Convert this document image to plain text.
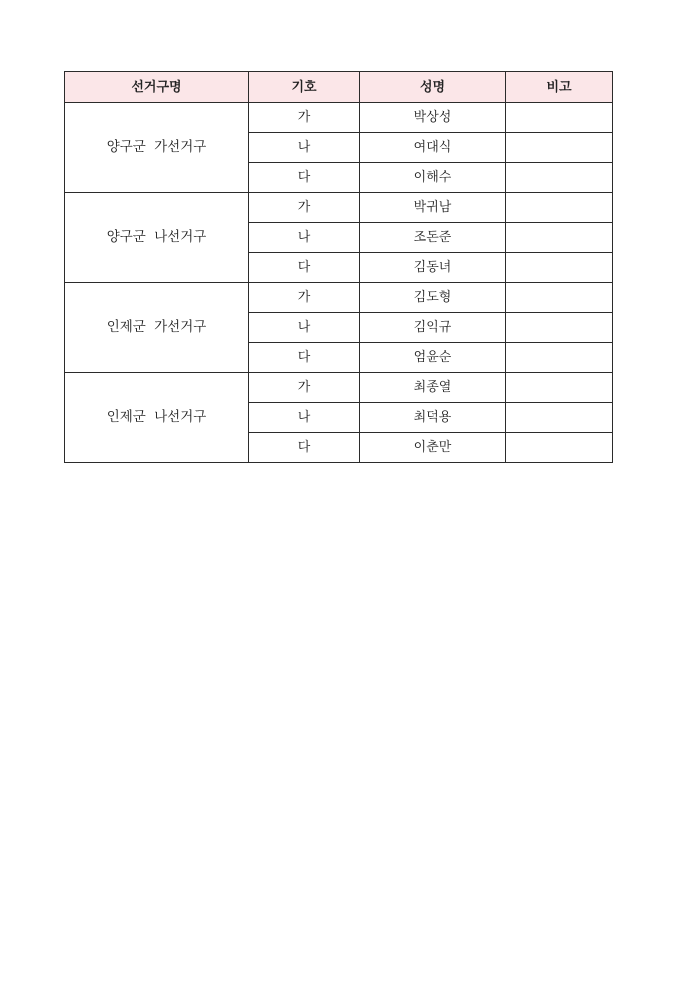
선거구명	기호	성명	비고
양구군 가선거구	가	박상성	
	나	여대식	
	다	이해수	
양구군 나선거구	가	박귀남	
	나	조돈준	
	다	김동녀	
인제군 가선거구	가	김도형	
	나	김익규	
	다	엄윤순	
인제군 나선거구	가	최종열	
	나	최덕용	
	다	이춘만	
